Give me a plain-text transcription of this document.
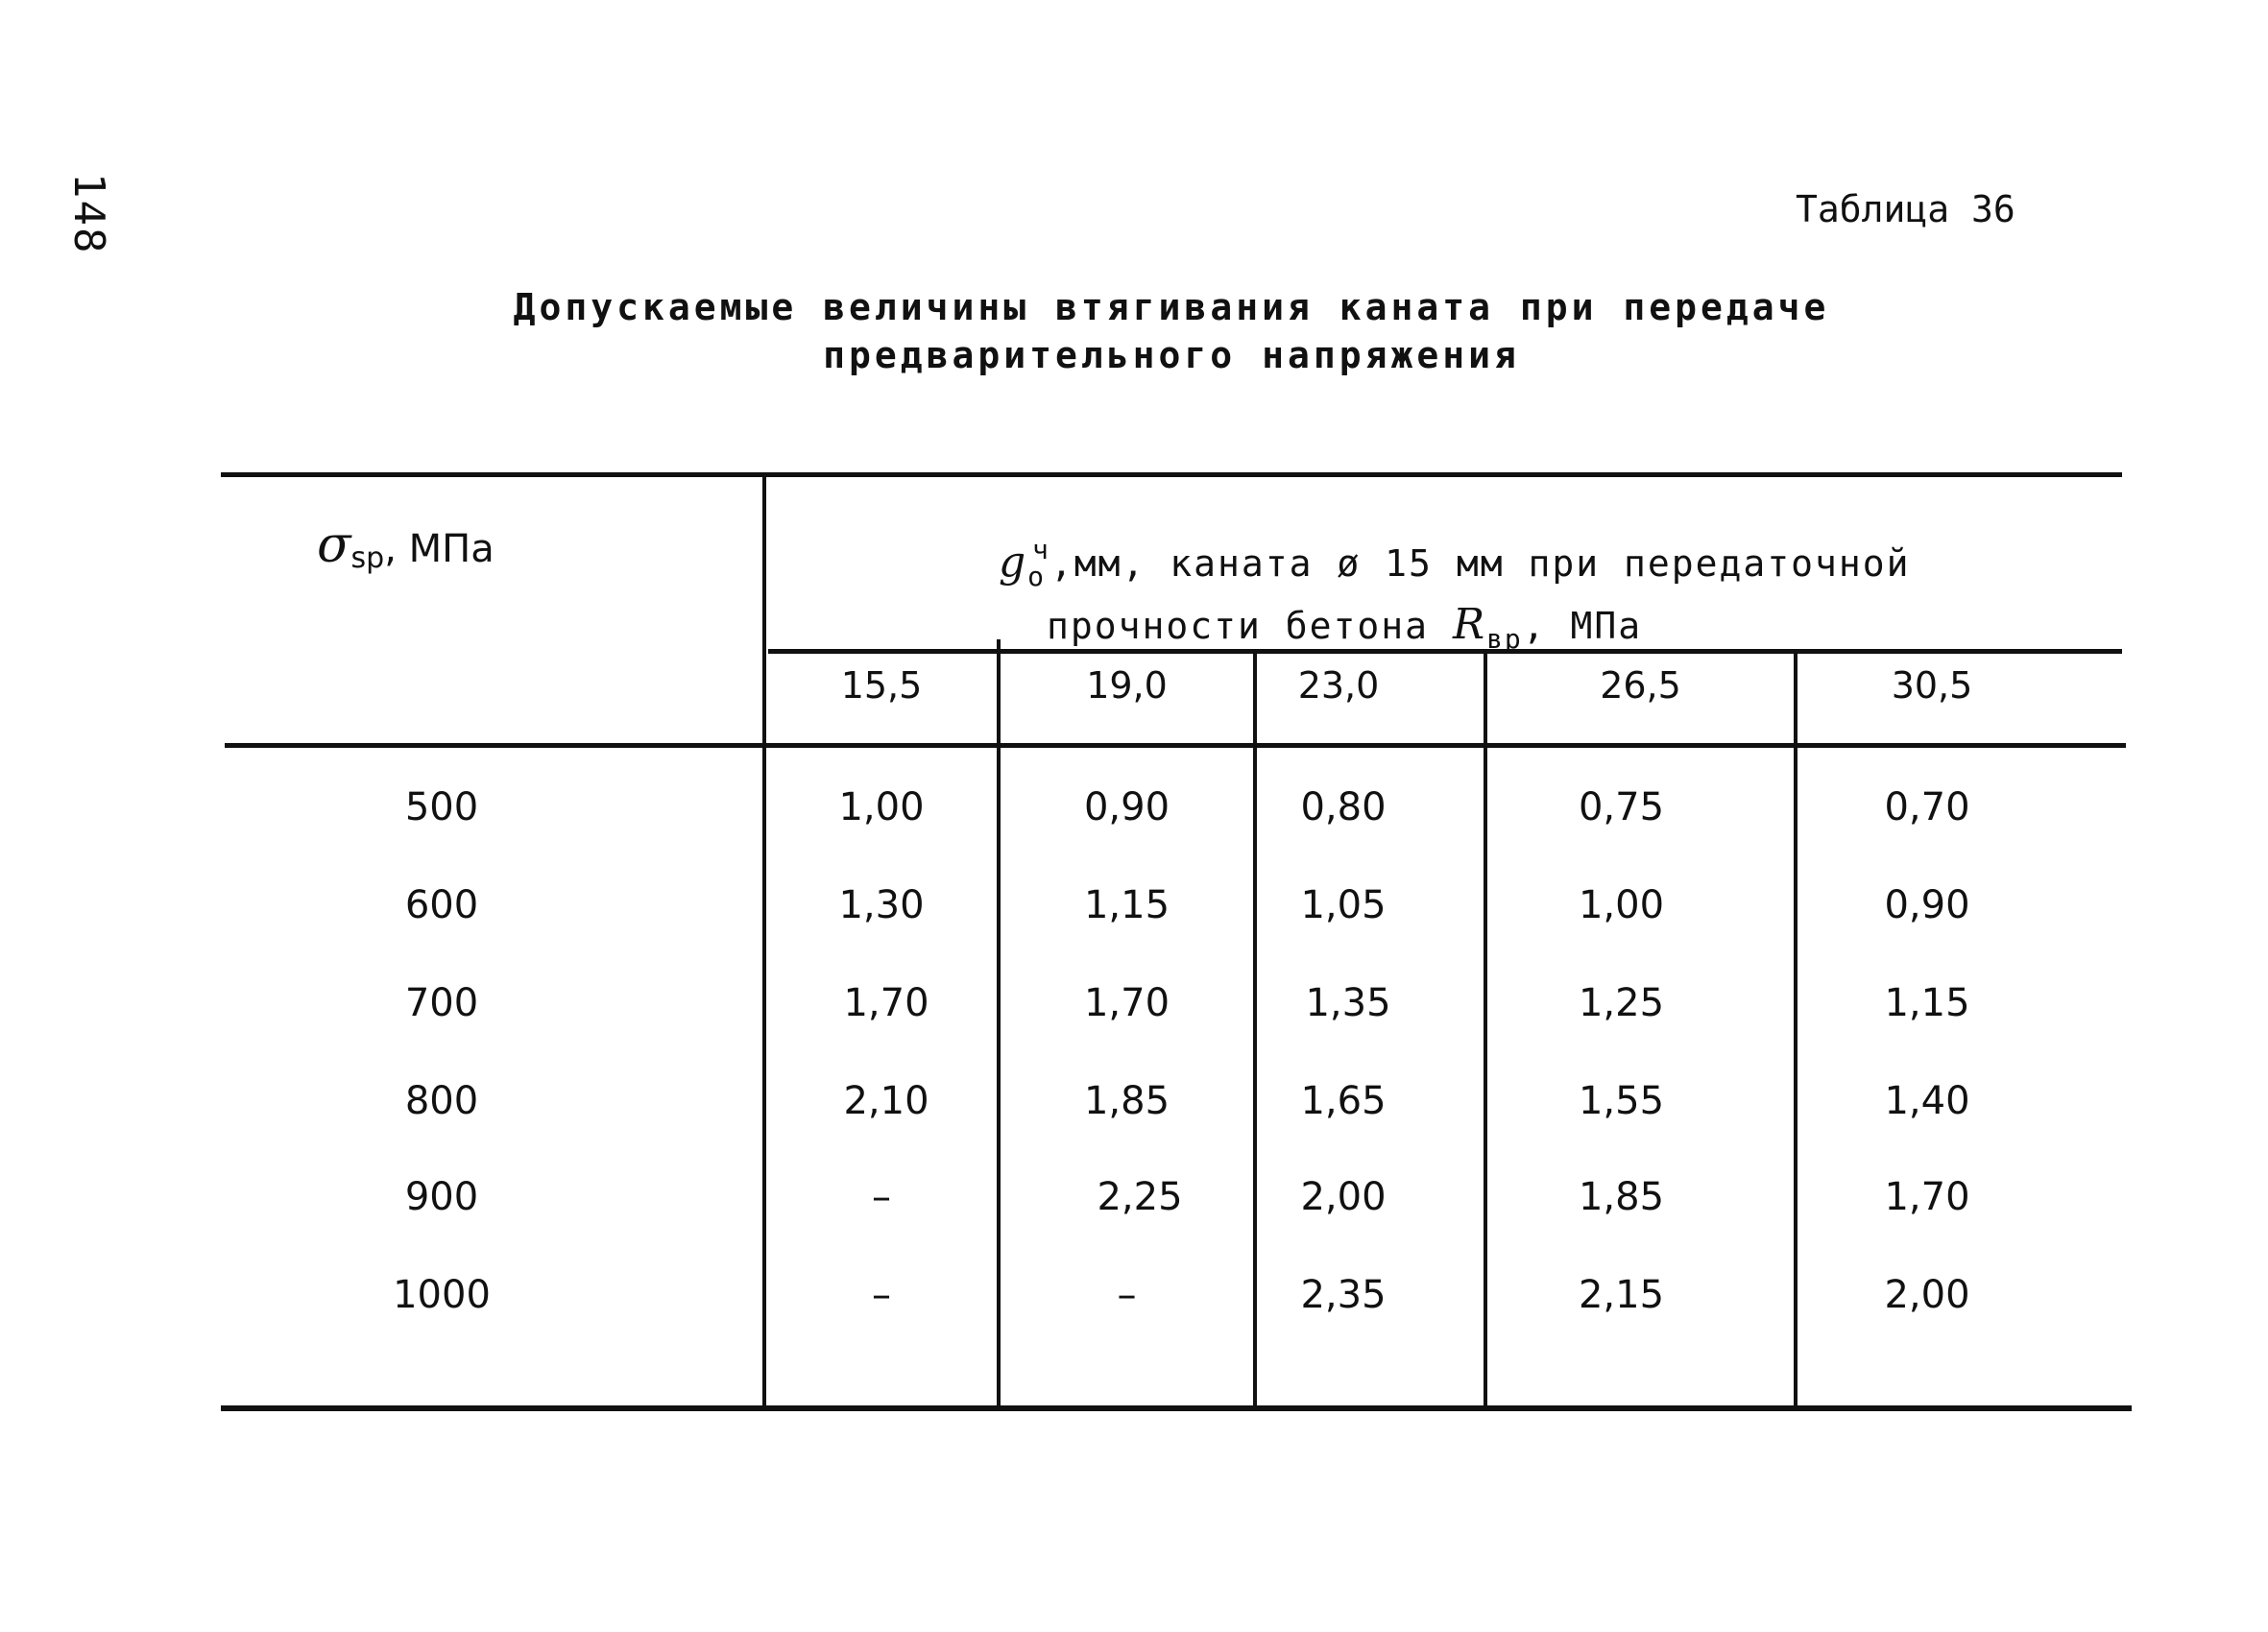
148	Таблица 36
Допускаемые величины втягивания каната при передаче
предварительного напряжения
$\sigma_{sp}$, МПа	$g_o^ч,мм$, каната ø 15 мм при передаточной
прочности бетона $R_{вр}$, МПа
15,5	19,0	23,0	26,5	30,5
500	1,00	0,90	0,80	0,75	0,70
600	1,30	1,15	1,05	1,00	0,90
700	1,70	1,70	1,35	1,25	1,15
800	2,10	1,85	1,65	1,55	1,40
900	–	2,25	2,00	1,85	1,70
1000	–	–	2,35	2,15	2,00
